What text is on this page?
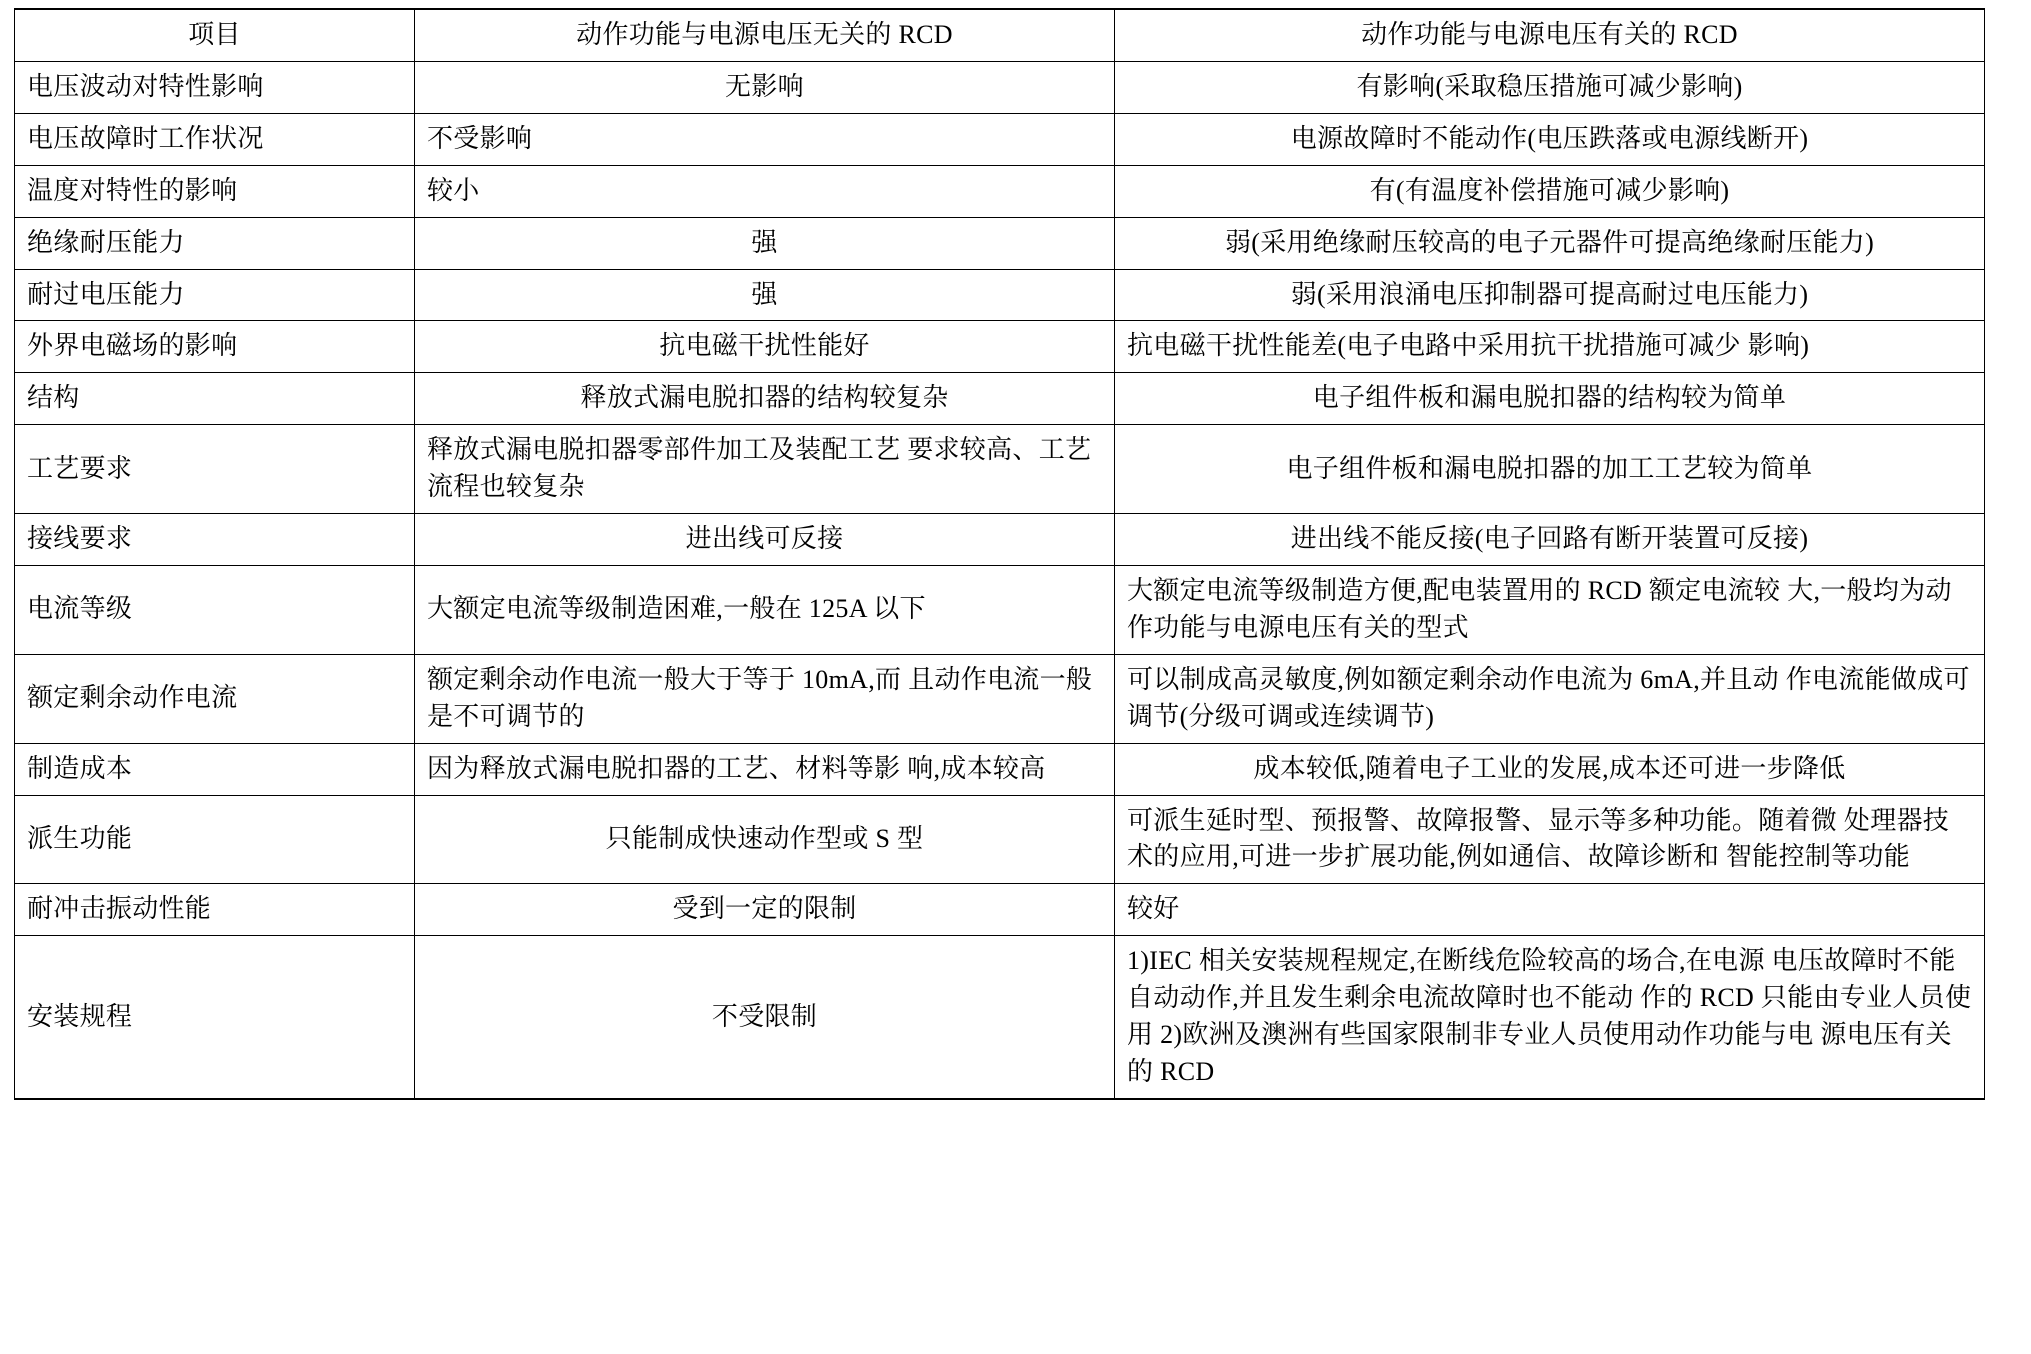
项目	动作功能与电源电压无关的 RCD	动作功能与电源电压有关的 RCD
电压波动对特性影响	无影响	有影响(采取稳压措施可减少影响)
电压故障时工作状况	不受影响	电源故障时不能动作(电压跌落或电源线断开)
温度对特性的影响	较小	有(有温度补偿措施可减少影响)
绝缘耐压能力	强	弱(采用绝缘耐压较高的电子元器件可提高绝缘耐压能力)
耐过电压能力	强	弱(采用浪涌电压抑制器可提高耐过电压能力)
外界电磁场的影响	抗电磁干扰性能好	抗电磁干扰性能差(电子电路中采用抗干扰措施可减少 影响)
结构	释放式漏电脱扣器的结构较复杂	电子组件板和漏电脱扣器的结构较为简单
工艺要求	释放式漏电脱扣器零部件加工及装配工艺 要求较高、工艺流程也较复杂	电子组件板和漏电脱扣器的加工工艺较为简单
接线要求	进出线可反接	进出线不能反接(电子回路有断开装置可反接)
电流等级	大额定电流等级制造困难,一般在 125A 以下	大额定电流等级制造方便,配电装置用的 RCD 额定电流较 大,一般均为动作功能与电源电压有关的型式
额定剩余动作电流	额定剩余动作电流一般大于等于 10mA,而 且动作电流一般是不可调节的	可以制成高灵敏度,例如额定剩余动作电流为 6mA,并且动 作电流能做成可调节(分级可调或连续调节)
制造成本	因为释放式漏电脱扣器的工艺、材料等影 响,成本较高	成本较低,随着电子工业的发展,成本还可进一步降低
派生功能	只能制成快速动作型或 S 型	可派生延时型、预报警、故障报警、显示等多种功能。随着微 处理器技术的应用,可进一步扩展功能,例如通信、故障诊断和 智能控制等功能
耐冲击振动性能	受到一定的限制	较好
安装规程	不受限制	1)IEC 相关安装规程规定,在断线危险较高的场合,在电源 电压故障时不能自动动作,并且发生剩余电流故障时也不能动 作的 RCD 只能由专业人员使用 2)欧洲及澳洲有些国家限制非专业人员使用动作功能与电 源电压有关的 RCD
